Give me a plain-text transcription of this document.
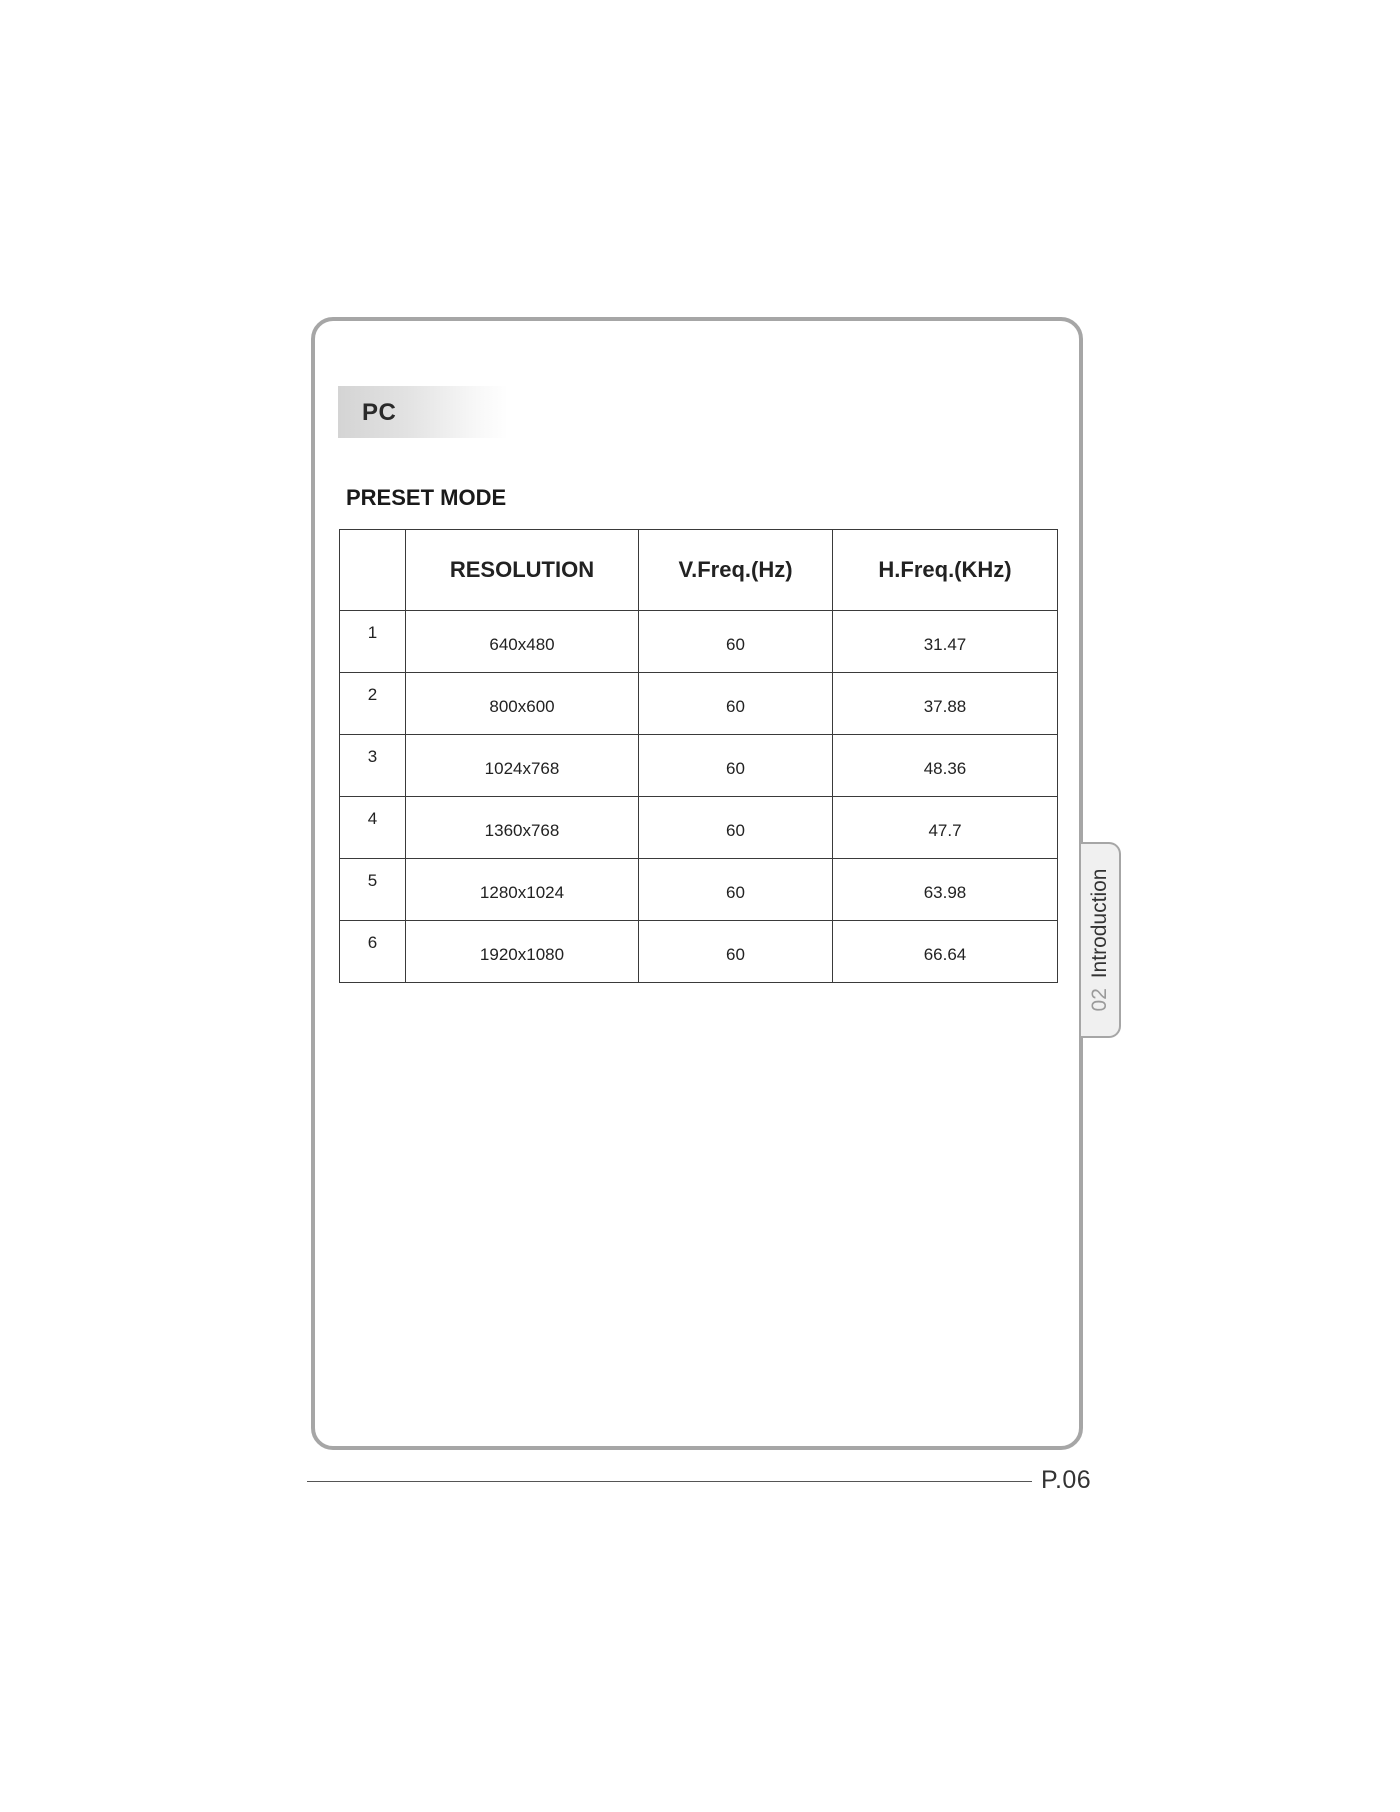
PC
PRESET MODE
	RESOLUTION	V.Freq.(Hz)	H.Freq.(KHz)
1	640x480	60	31.47
2	800x600	60	37.88
3	1024x768	60	48.36
4	1360x768	60	47.7
5	1280x1024	60	63.98
6	1920x1080	60	66.64
02 Introduction
P.06
